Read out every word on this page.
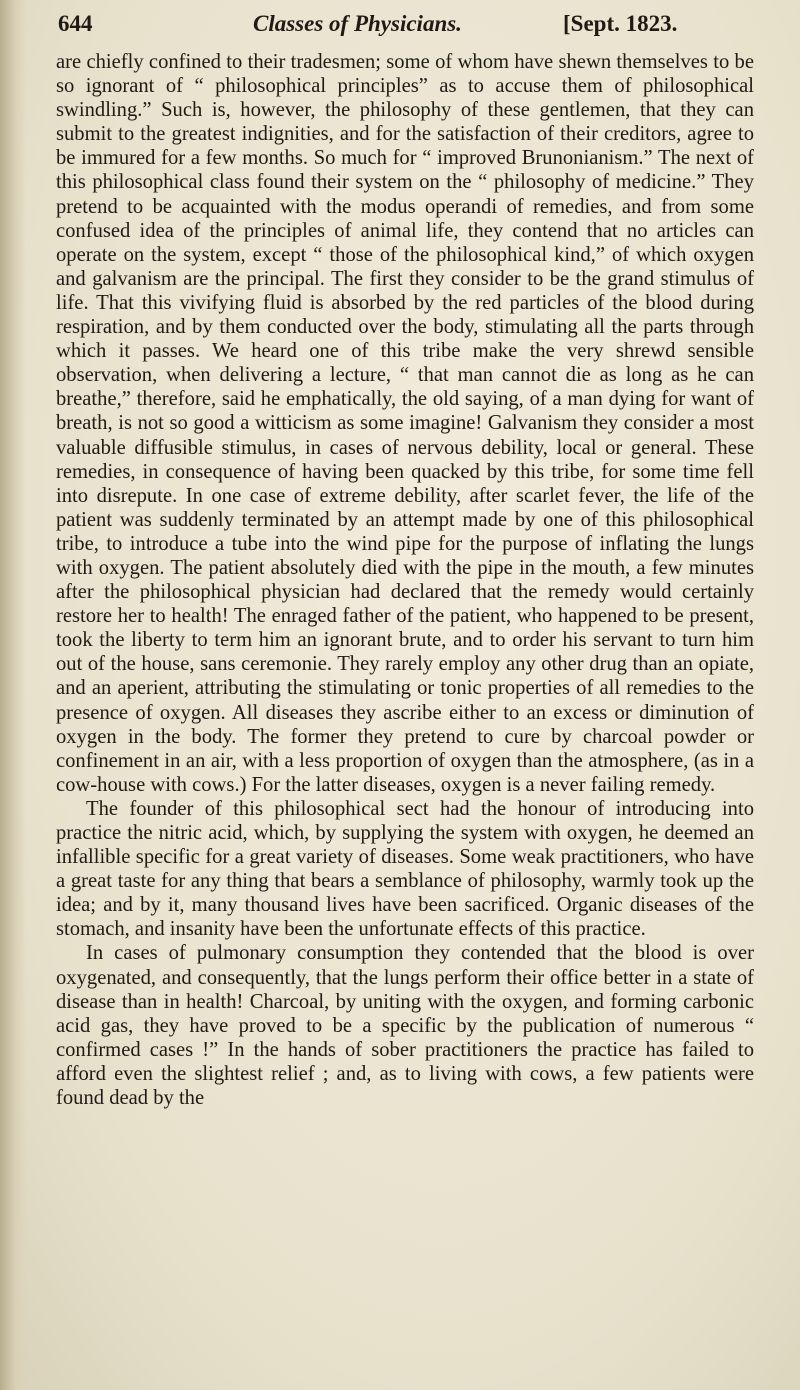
644	Classes of Physicians.	[Sept. 1823.

are chiefly confined to their tradesmen; some of whom have shewn themselves to be so ignorant of “ philosophical principles” as to accuse them of philosophical swindling.” Such is, however, the philosophy of these gentlemen, that they can submit to the greatest indignities, and for the satisfaction of their creditors, agree to be immured for a few months. So much for “ improved Brunonianism.” The next of this philosophical class found their system on the “ philosophy of medicine.” They pretend to be acquainted with the modus operandi of remedies, and from some confused idea of the principles of animal life, they contend that no articles can operate on the system, except “ those of the philosophical kind,” of which oxygen and galvanism are the principal. The first they consider to be the grand stimulus of life. That this vivifying fluid is absorbed by the red particles of the blood during respiration, and by them conducted over the body, stimulating all the parts through which it passes. We heard one of this tribe make the very shrewd sensible observation, when delivering a lecture, “ that man cannot die as long as he can breathe,” therefore, said he emphatically, the old saying, of a man dying for want of breath, is not so good a witticism as some imagine! Galvanism they consider a most valuable diffusible stimulus, in cases of nervous debility, local or general. These remedies, in consequence of having been quacked by this tribe, for some time fell into disrepute. In one case of extreme debility, after scarlet fever, the life of the patient was suddenly terminated by an attempt made by one of this philosophical tribe, to introduce a tube into the wind pipe for the purpose of inflating the lungs with oxygen. The patient absolutely died with the pipe in the mouth, a few minutes after the philosophical physician had declared that the remedy would certainly restore her to health! The enraged father of the patient, who happened to be present, took the liberty to term him an ignorant brute, and to order his servant to turn him out of the house, sans ceremonie. They rarely employ any other drug than an opiate, and an aperient, attributing the stimulating or tonic properties of all remedies to the presence of oxygen. All diseases they ascribe either to an excess or diminution of oxygen in the body. The former they pretend to cure by charcoal powder or confinement in an air, with a less proportion of oxygen than the atmosphere, (as in a cow-house with cows.) For the latter diseases, oxygen is a never failing remedy.

The founder of this philosophical sect had the honour of introducing into practice the nitric acid, which, by supplying the system with oxygen, he deemed an infallible specific for a great variety of diseases. Some weak practitioners, who have a great taste for any thing that bears a semblance of philosophy, warmly took up the idea; and by it, many thousand lives have been sacrificed. Organic diseases of the stomach, and insanity have been the unfortunate effects of this practice.

In cases of pulmonary consumption they contended that the blood is over oxygenated, and consequently, that the lungs perform their office better in a state of disease than in health! Charcoal, by uniting with the oxygen, and forming carbonic acid gas, they have proved to be a specific by the publication of numerous “ confirmed cases !” In the hands of sober practitioners the practice has failed to afford even the slightest relief ; and, as to living with cows, a few patients were found dead by the
